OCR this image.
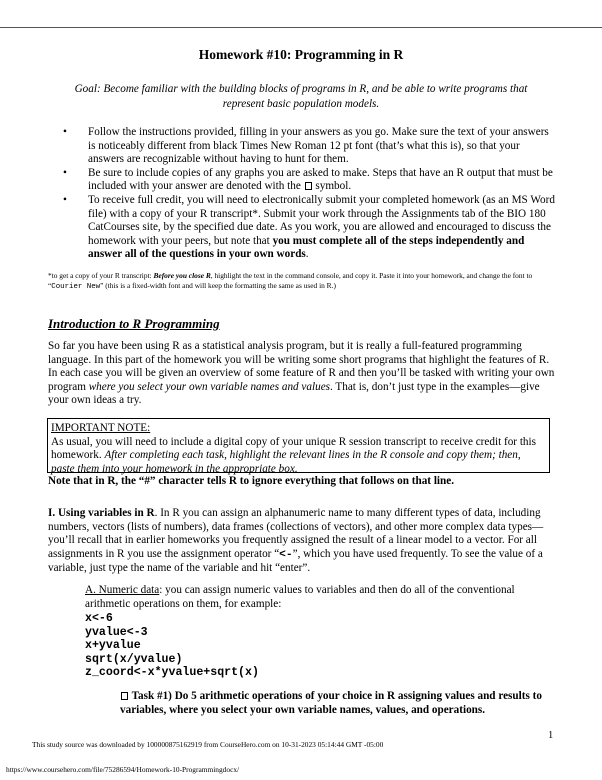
Homework #10: Programming in R
Goal: Become familiar with the building blocks of programs in R, and be able to write programs that represent basic population models.
• Follow the instructions provided, filling in your answers as you go. Make sure the text of your answers is noticeably different from black Times New Roman 12 pt font (that’s what this is), so that your answers are recognizable without having to hunt for them.
• Be sure to include copies of any graphs you are asked to make. Steps that have an R output that must be included with your answer are denoted with the  symbol.
• To receive full credit, you will need to electronically submit your completed homework (as an MS Word file) with a copy of your R transcript*. Submit your work through the Assignments tab of the BIO 180 CatCourses site, by the specified due date. As you work, you are allowed and encouraged to discuss the homework with your peers, but note that you must complete all of the steps independently and answer all of the questions in your own words.
*to get a copy of your R transcript: Before you close R, highlight the text in the command console, and copy it. Paste it into your homework, and change the font to “Courier New” (this is a fixed-width font and will keep the formatting the same as used in R.)
Introduction to R Programming
So far you have been using R as a statistical analysis program, but it is really a full-featured programming language. In this part of the homework you will be writing some short programs that highlight the features of R. In each case you will be given an overview of some feature of R and then you’ll be tasked with writing your own program where you select your own variable names and values. That is, don’t just type in the examples—give your own ideas a try.
IMPORTANT NOTE:
As usual, you will need to include a digital copy of your unique R session transcript to receive credit for this homework. After completing each task, highlight the relevant lines in the R console and copy them; then, paste them into your homework in the appropriate box.
Note that in R, the “#” character tells R to ignore everything that follows on that line.
I. Using variables in R. In R you can assign an alphanumeric name to many different types of data, including numbers, vectors (lists of numbers), data frames (collections of vectors), and other more complex data types—you’ll recall that in earlier homeworks you frequently assigned the result of a linear model to a vector. For all assignments in R you use the assignment operator “<-”, which you have used frequently. To see the value of a variable, just type the name of the variable and hit “enter”.
A. Numeric data: you can assign numeric values to variables and then do all of the conventional arithmetic operations on them, for example:
x<-6
yvalue<-3
x+yvalue
sqrt(x/yvalue)
z_coord<-x*yvalue+sqrt(x)
Task #1) Do 5 arithmetic operations of your choice in R assigning values and results to variables, where you select your own variable names, values, and operations.
1
This study source was downloaded by 100000875162919 from CourseHero.com on 10-31-2023 05:14:44 GMT -05:00
https://www.coursehero.com/file/75286594/Homework-10-Programmingdocx/
